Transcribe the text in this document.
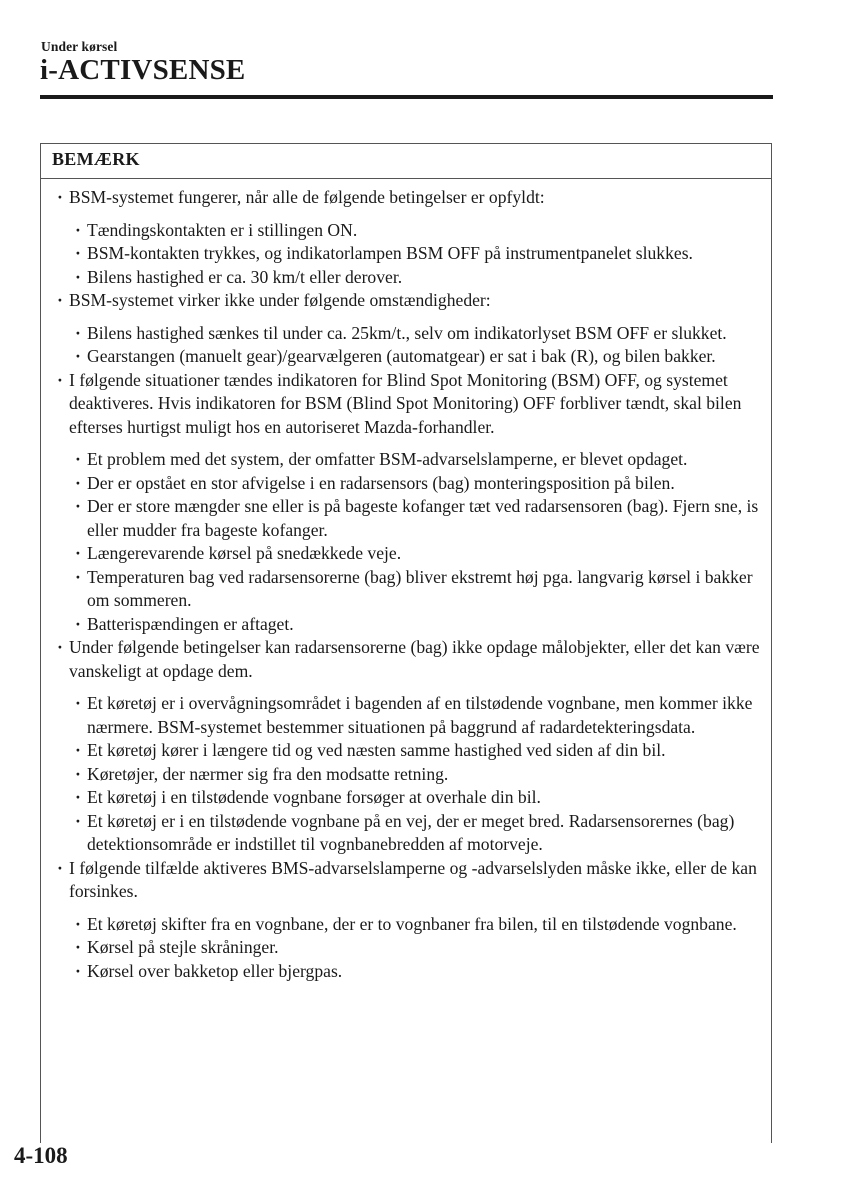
Under kørsel
i-ACTIVSENSE
BEMÆRK
· BSM-systemet fungerer, når alle de følgende betingelser er opfyldt:
· Tændingskontakten er i stillingen ON.
· BSM-kontakten trykkes, og indikatorlampen BSM OFF på instrumentpanelet slukkes.
· Bilens hastighed er ca. 30 km/t eller derover.
· BSM-systemet virker ikke under følgende omstændigheder:
· Bilens hastighed sænkes til under ca. 25km/t., selv om indikatorlyset BSM OFF er slukket.
· Gearstangen (manuelt gear)/gearvælgeren (automatgear) er sat i bak (R), og bilen bakker.
· I følgende situationer tændes indikatoren for Blind Spot Monitoring (BSM) OFF, og systemet deaktiveres. Hvis indikatoren for BSM (Blind Spot Monitoring) OFF forbliver tændt, skal bilen efterses hurtigst muligt hos en autoriseret Mazda-forhandler.
· Et problem med det system, der omfatter BSM-advarselslamperne, er blevet opdaget.
· Der er opstået en stor afvigelse i en radarsensors (bag) monteringsposition på bilen.
· Der er store mængder sne eller is på bageste kofanger tæt ved radarsensoren (bag). Fjern sne, is eller mudder fra bageste kofanger.
· Længerevarende kørsel på snedækkede veje.
· Temperaturen bag ved radarsensorerne (bag) bliver ekstremt høj pga. langvarig kørsel i bakker om sommeren.
· Batterispændingen er aftaget.
· Under følgende betingelser kan radarsensorerne (bag) ikke opdage målobjekter, eller det kan være vanskeligt at opdage dem.
· Et køretøj er i overvågningsområdet i bagenden af en tilstødende vognbane, men kommer ikke nærmere. BSM-systemet bestemmer situationen på baggrund af radardetekteringsdata.
· Et køretøj kører i længere tid og ved næsten samme hastighed ved siden af din bil.
· Køretøjer, der nærmer sig fra den modsatte retning.
· Et køretøj i en tilstødende vognbane forsøger at overhale din bil.
· Et køretøj er i en tilstødende vognbane på en vej, der er meget bred. Radarsensorernes (bag) detektionsområde er indstillet til vognbanebredden af motorveje.
· I følgende tilfælde aktiveres BMS-advarselslamperne og -advarselslyden måske ikke, eller de kan forsinkes.
· Et køretøj skifter fra en vognbane, der er to vognbaner fra bilen, til en tilstødende vognbane.
· Kørsel på stejle skråninger.
· Kørsel over bakketop eller bjergpas.
4-108
